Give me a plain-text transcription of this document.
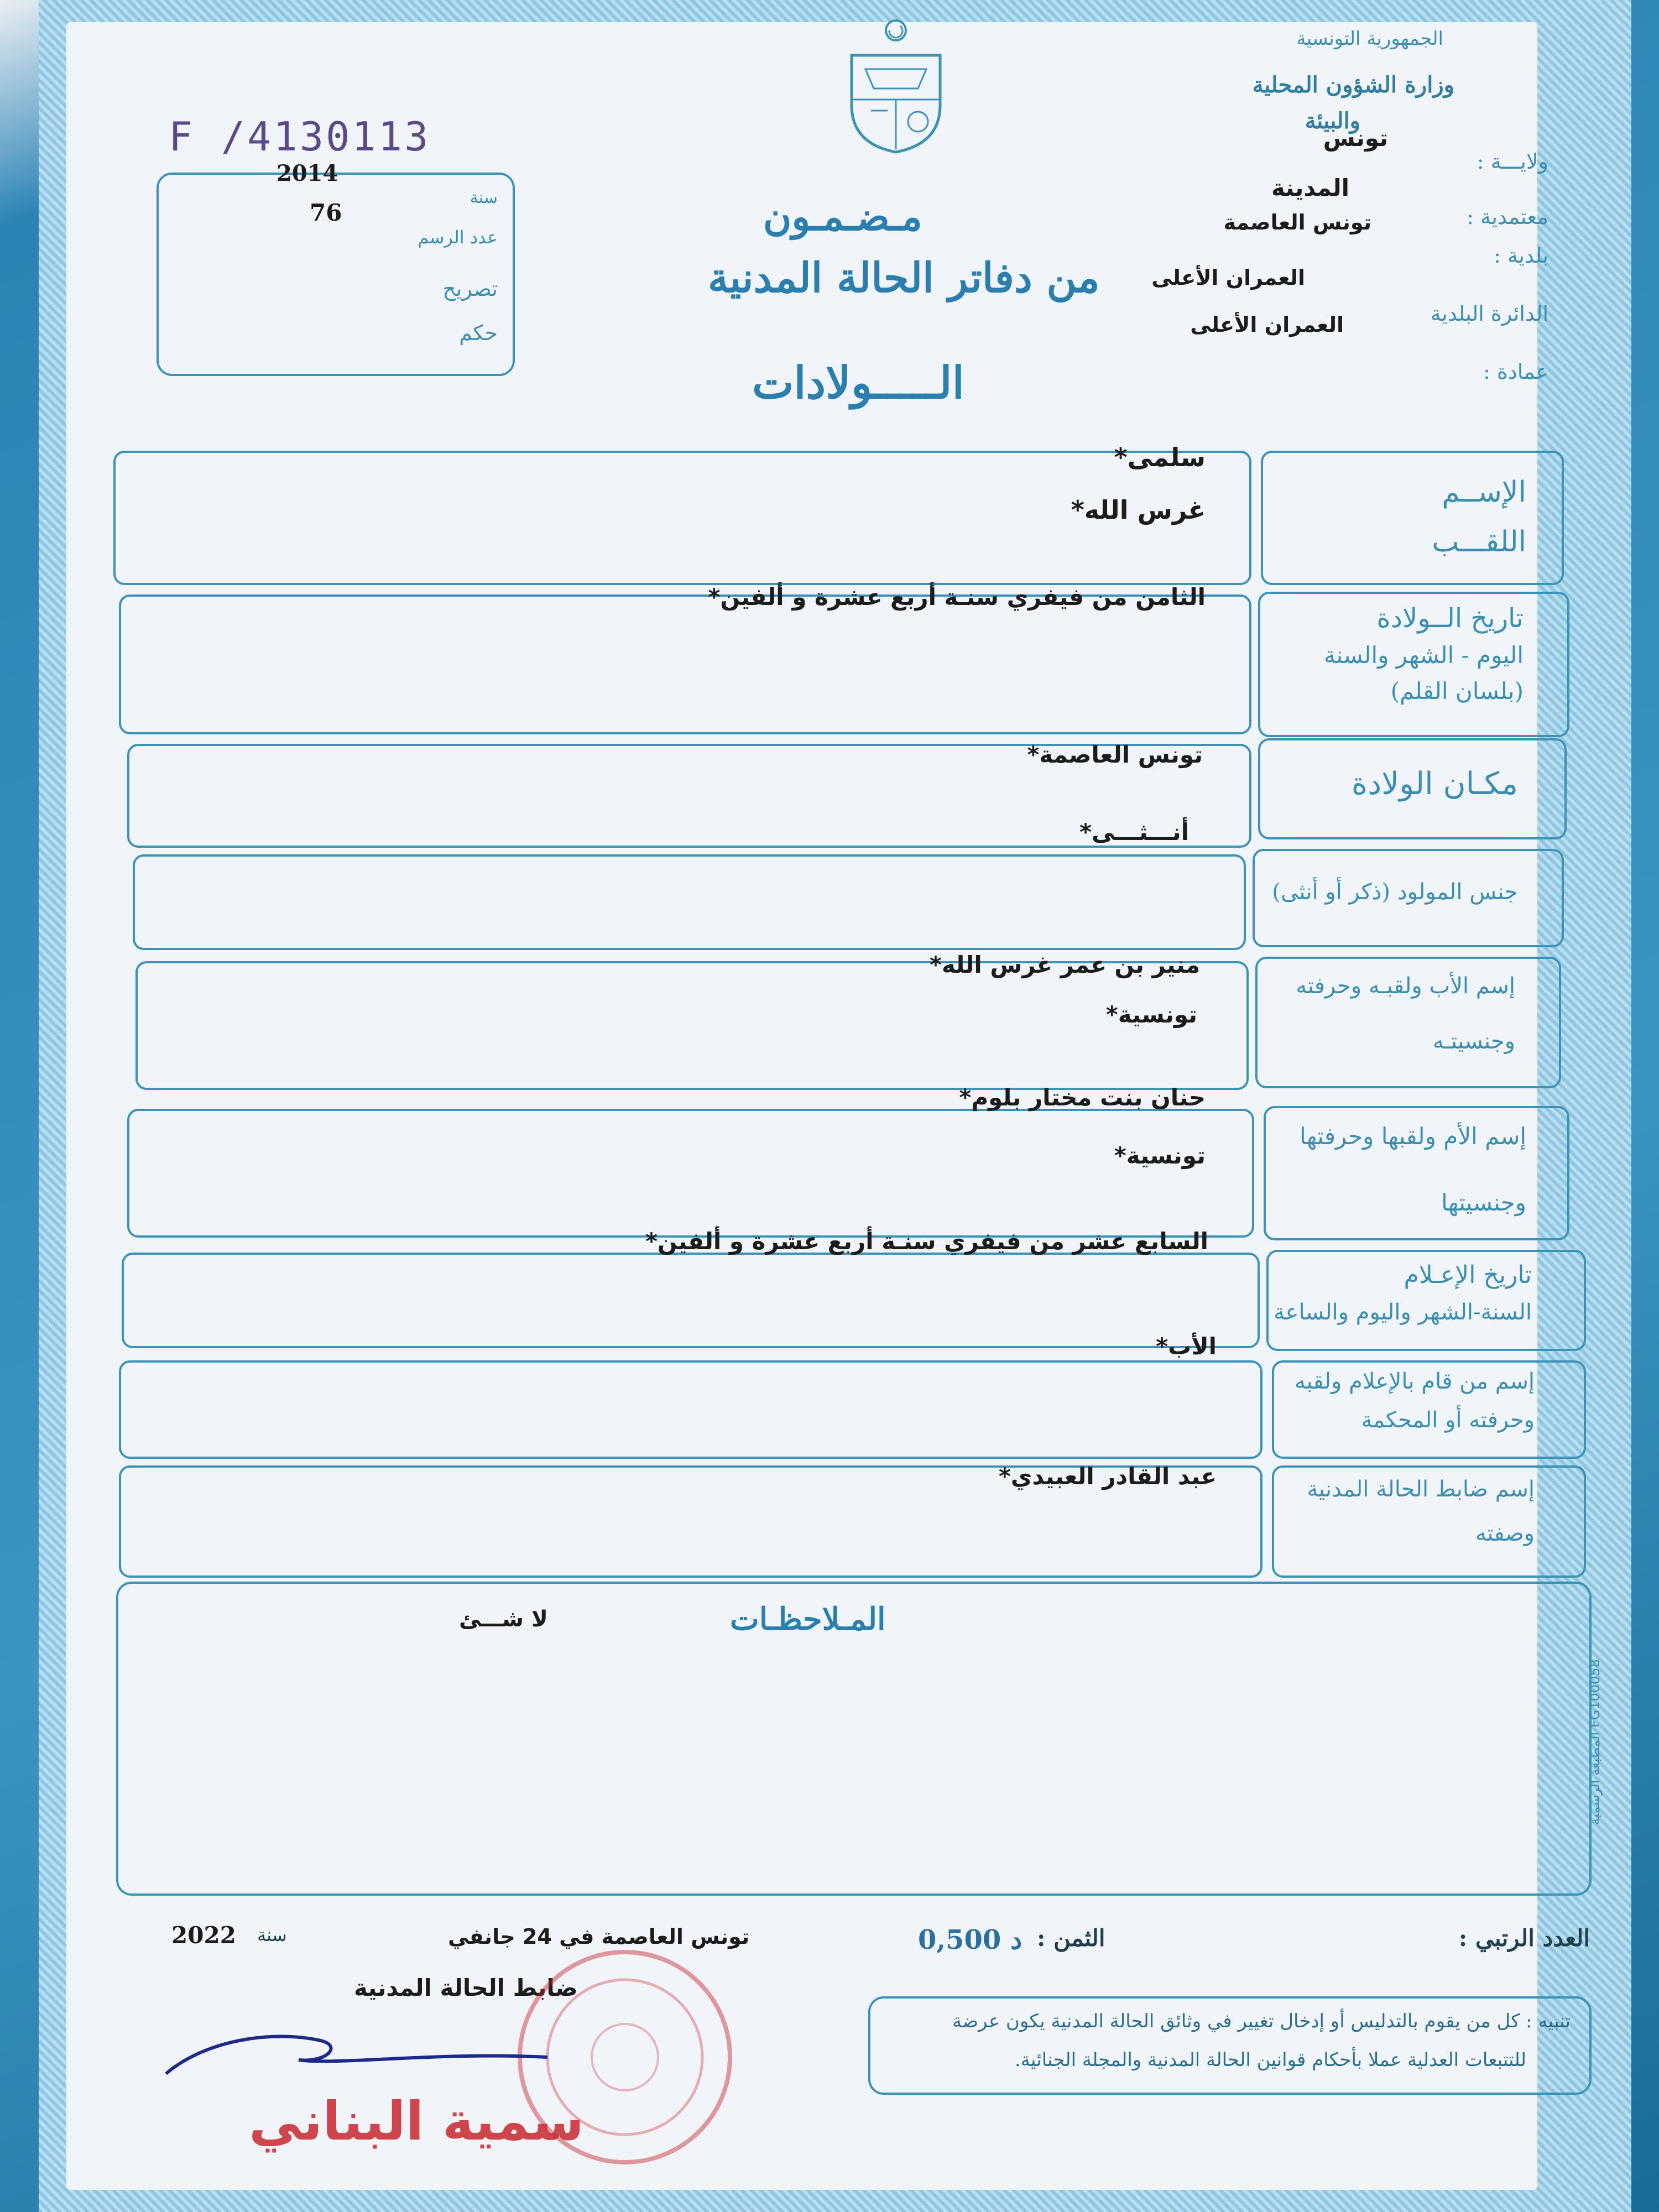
F /4130113
2014
76
سنة
عدد الرسم
تصريح
حكم
الجمهورية التونسية
وزارة الشؤون المحلية
والبيئة
ولايـــة :
تونس
معتمدية :
المدينة
بلدية :
تونس العاصمة
الدائرة البلدية
العمران الأعلى
العمران الأعلى
عمادة :
مـضـمـون
من دفاتر الحالة المدنية
الـــــولادات
الإســم
اللقـــب
سلمى*
غرس الله*
تاريخ الــولادة
اليوم - الشهر والسنة
(بلسان القلم)
الثامن من فيفري سنـة أربع عشرة و ألفين*
مكـان الولادة
تونس العاصمة*
جنس المولود (ذكر أو أنثى)
أنـــثـــى*
إسم الأب ولقبـه وحرفته
وجنسيتـه
منير بن عمر غرس الله*
تونسية*
إسم الأم ولقبها وحرفتها
وجنسيتها
حنان بنت مختار بلوم*
تونسية*
تاريخ الإعـلام
السنة-الشهر واليوم والساعة
السابع عشر من فيفري سنـة أربع عشرة و ألفين*
إسم من قام بالإعلام ولقبه
وحرفته أو المحكمة
الأب*
إسم ضابط الحالة المدنية
وصفته
عبد القادر العبيدي*
المـلاحظـات
لا شـــئ
المطبعة الرسمية FG100058
العدد الرتبي :
الثمن :
0,500 د
تونس العاصمة في 24 جانفي
سنة
2022
ضابط الحالة المدنية
سمية البناني
تنبيه : كل من يقوم بالتدليس أو إدخال تغيير في وثائق الحالة المدنية يكون عرضة
للتتبعات العدلية عملا بأحكام قوانين الحالة المدنية والمجلة الجنائية.
